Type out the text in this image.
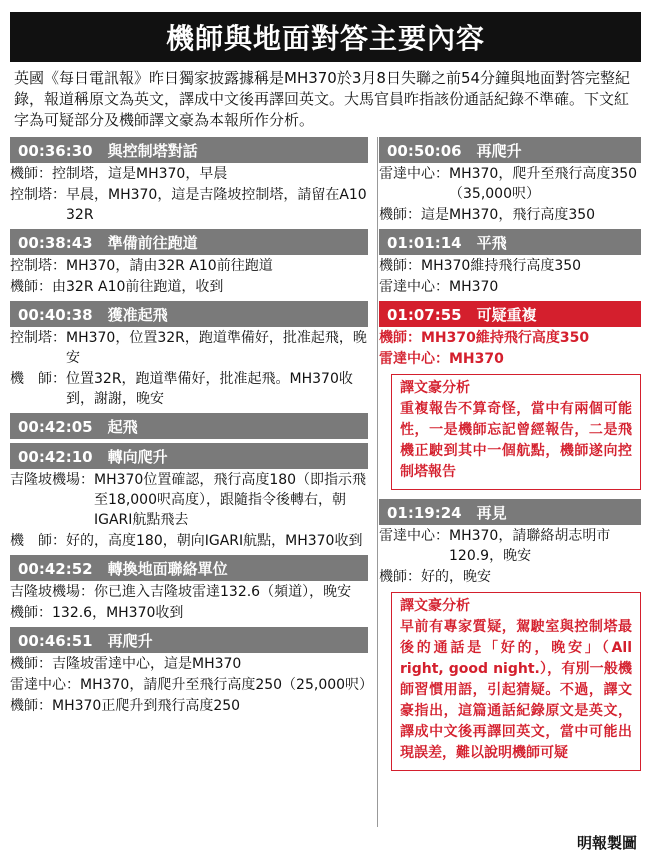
機師與地面對答主要內容
英國《每日電訊報》昨日獨家披露據稱是MH370於3月8日失聯之前54分鐘與地面對答完整紀錄，報道稱原文為英文，譯成中文後再譯回英文。大馬官員昨指該份通話紀錄不準確。下文紅字為可疑部分及機師譯文豪為本報所作分析。
00:36:30　與控制塔對話
機師： 控制塔，這是MH370，早晨
控制塔： 早晨，MH370，這是吉隆坡控制塔，請留在A10 32R
00:38:43　準備前往跑道
控制塔： MH370，請由32R A10前往跑道
機師： 由32R A10前往跑道，收到
00:40:38　獲准起飛
控制塔： MH370，位置32R，跑道準備好，批准起飛，晚安
機　師： 位置32R，跑道準備好，批准起飛。MH370收到，謝謝，晚安
00:42:05　起飛
00:42:10　轉向爬升
吉隆坡機場： MH370位置確認，飛行高度180（即指示飛至18,000呎高度），跟隨指令後轉右，朝IGARI航點飛去
機　師： 好的，高度180，朝向IGARI航點，MH370收到
00:42:52　轉換地面聯絡單位
吉隆坡機場： 你已進入吉隆坡雷達132.6（頻道），晚安
機師： 132.6，MH370收到
00:46:51　再爬升
機師： 吉隆坡雷達中心，這是MH370
雷達中心： MH370，請爬升至飛行高度250（25,000呎）
機師： MH370正爬升到飛行高度250
00:50:06　再爬升
雷達中心： MH370，爬升至飛行高度350（35,000呎）
機師： 這是MH370，飛行高度350
01:01:14　平飛
機師： MH370維持飛行高度350
雷達中心： MH370
01:07:55　可疑重複
機師： MH370維持飛行高度350
雷達中心： MH370
譯文豪分析
重複報告不算奇怪，當中有兩個可能性，一是機師忘記曾經報告，二是飛機正駛到其中一個航點，機師遂向控制塔報告
01:19:24　再見
雷達中心： MH370，請聯絡胡志明市120.9，晚安
機師： 好的，晚安
譯文豪分析
早前有專家質疑，駕駛室與控制塔最後的通話是「好的，晚安」（All right, good night.），有別一般機師習慣用語，引起猜疑。不過，譯文豪指出，這篇通話紀錄原文是英文，譯成中文後再譯回英文，當中可能出現誤差，難以說明機師可疑
明報製圖
